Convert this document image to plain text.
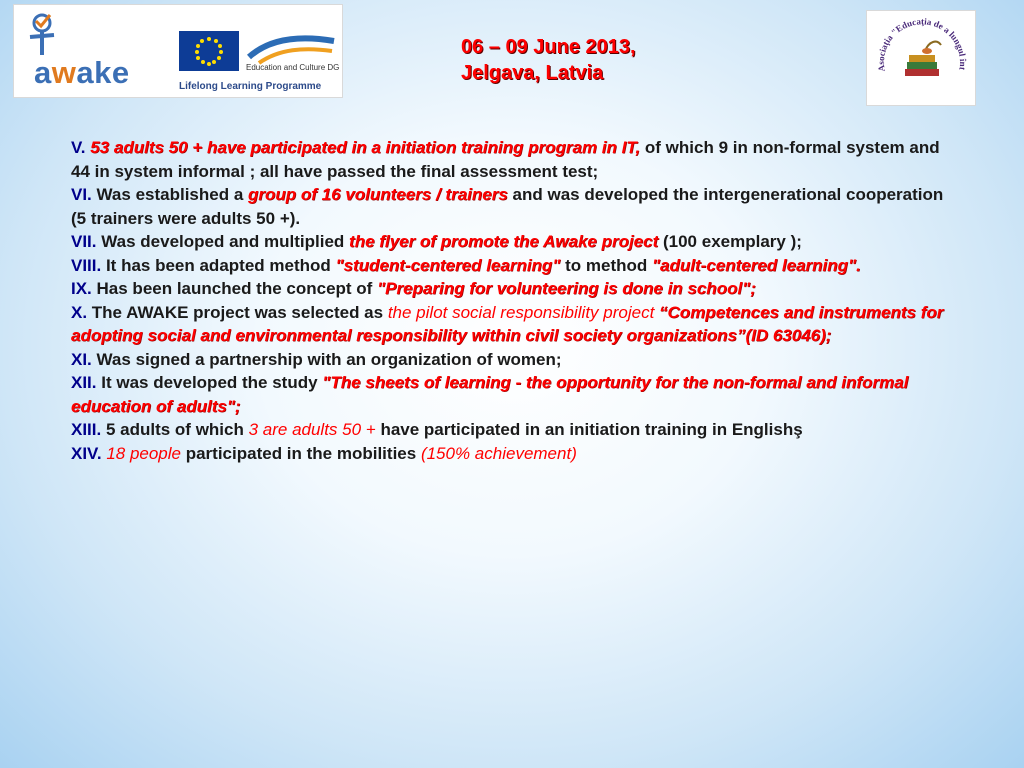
awake	Education and Culture DG
Lifelong Learning Programme
06 – 09 June 2013,
Jelgava, Latvia	Asociaţia "Educaţia de a lungul înt

V. 53 adults 50 + have participated in a initiation training program in IT, of which 9 in non-formal system and 44 in system informal ; all have passed the final assessment test;

VI. Was established a group of 16 volunteers / trainers and was developed the intergenerational cooperation (5 trainers were adults 50 +).

VII. Was developed and multiplied the flyer of promote the Awake project (100 exemplary );

VIII. It has been adapted method "student-centered learning" to method "adult-centered learning".

IX. Has been launched the concept of "Preparing for volunteering is done in school";

X. The AWAKE project was selected as the pilot social responsibility project “Competences and instruments for adopting social and environmental responsibility within civil society organizations”(ID 63046);

XI. Was signed a partnership with an organization of women;

XII. It was developed the study "The sheets of learning - the opportunity for the non-formal and informal education of adults";

XIII. 5 adults of which 3 are adults 50 + have participated in an initiation training in Englishş

XIV. 18 people participated in the mobilities (150% achievement)
